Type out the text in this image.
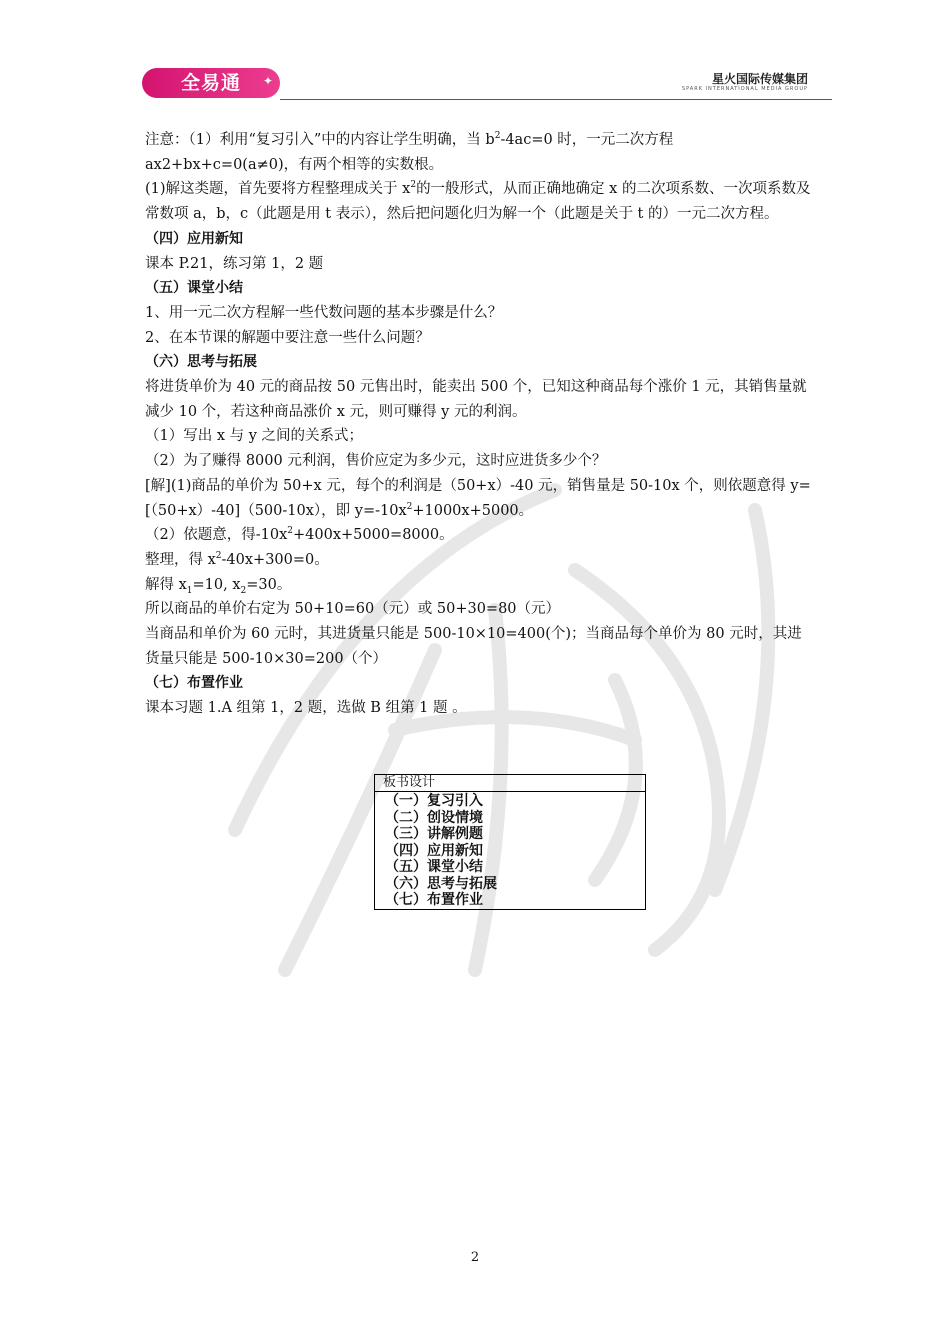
全易通 ✦	星火国际传媒集团
SPARK INTERNATIONAL MEDIA GROUP

注意：（1）利用“复习引入”中的内容让学生明确，当 $b^2-4ac=0$ 时，一元二次方程 ax2+bx+c=0(a≠0)，有两个相等的实数根。

(1)解这类题，首先要将方程整理成关于 $x^2$的一般形式，从而正确地确定 x 的二次项系数、一次项系数及常数项 a，b，c（此题是用 t 表示），然后把问题化归为解一个（此题是关于 t 的）一元二次方程。

（四）应用新知

课本 P.21，练习第 1，2 题

（五）课堂小结

1、用一元二次方程解一些代数问题的基本步骤是什么？

2、在本节课的解题中要注意一些什么问题？

（六）思考与拓展

将进货单价为 40 元的商品按 50 元售出时，能卖出 500 个，已知这种商品每个涨价 1 元，其销售量就减少 10 个，若这种商品涨价 x 元，则可赚得 y 元的利润。

（1）写出 x 与 y 之间的关系式；

（2）为了赚得 8000 元利润，售价应定为多少元，这时应进货多少个？

[解](1)商品的单价为 50+x 元，每个的利润是（50+x）-40 元，销售量是 50-10x 个，则依题意得 y=[（50+x）-40]（500-10x），即 $y=-10x^2+1000x+5000$。

（2）依题意，得$-10x^2+400x+5000=8000$。

整理，得 $x^2-40x+300=0$。

解得 $x_1=10$, $x_2=30$。

所以商品的单价右定为 50+10=60（元）或 50+30=80（元）

当商品和单价为 60 元时，其进货量只能是 500-10×10=400(个)；当商品每个单价为 80 元时，其进货量只能是 500-10×30=200（个）

（七）布置作业

课本习题 1.A 组第 1，2 题，选做 B 组第 1 题 。

板书设计
（一）复习引入
（二）创设情境
（三）讲解例题
（四）应用新知
（五）课堂小结
（六）思考与拓展
（七）布置作业
2
